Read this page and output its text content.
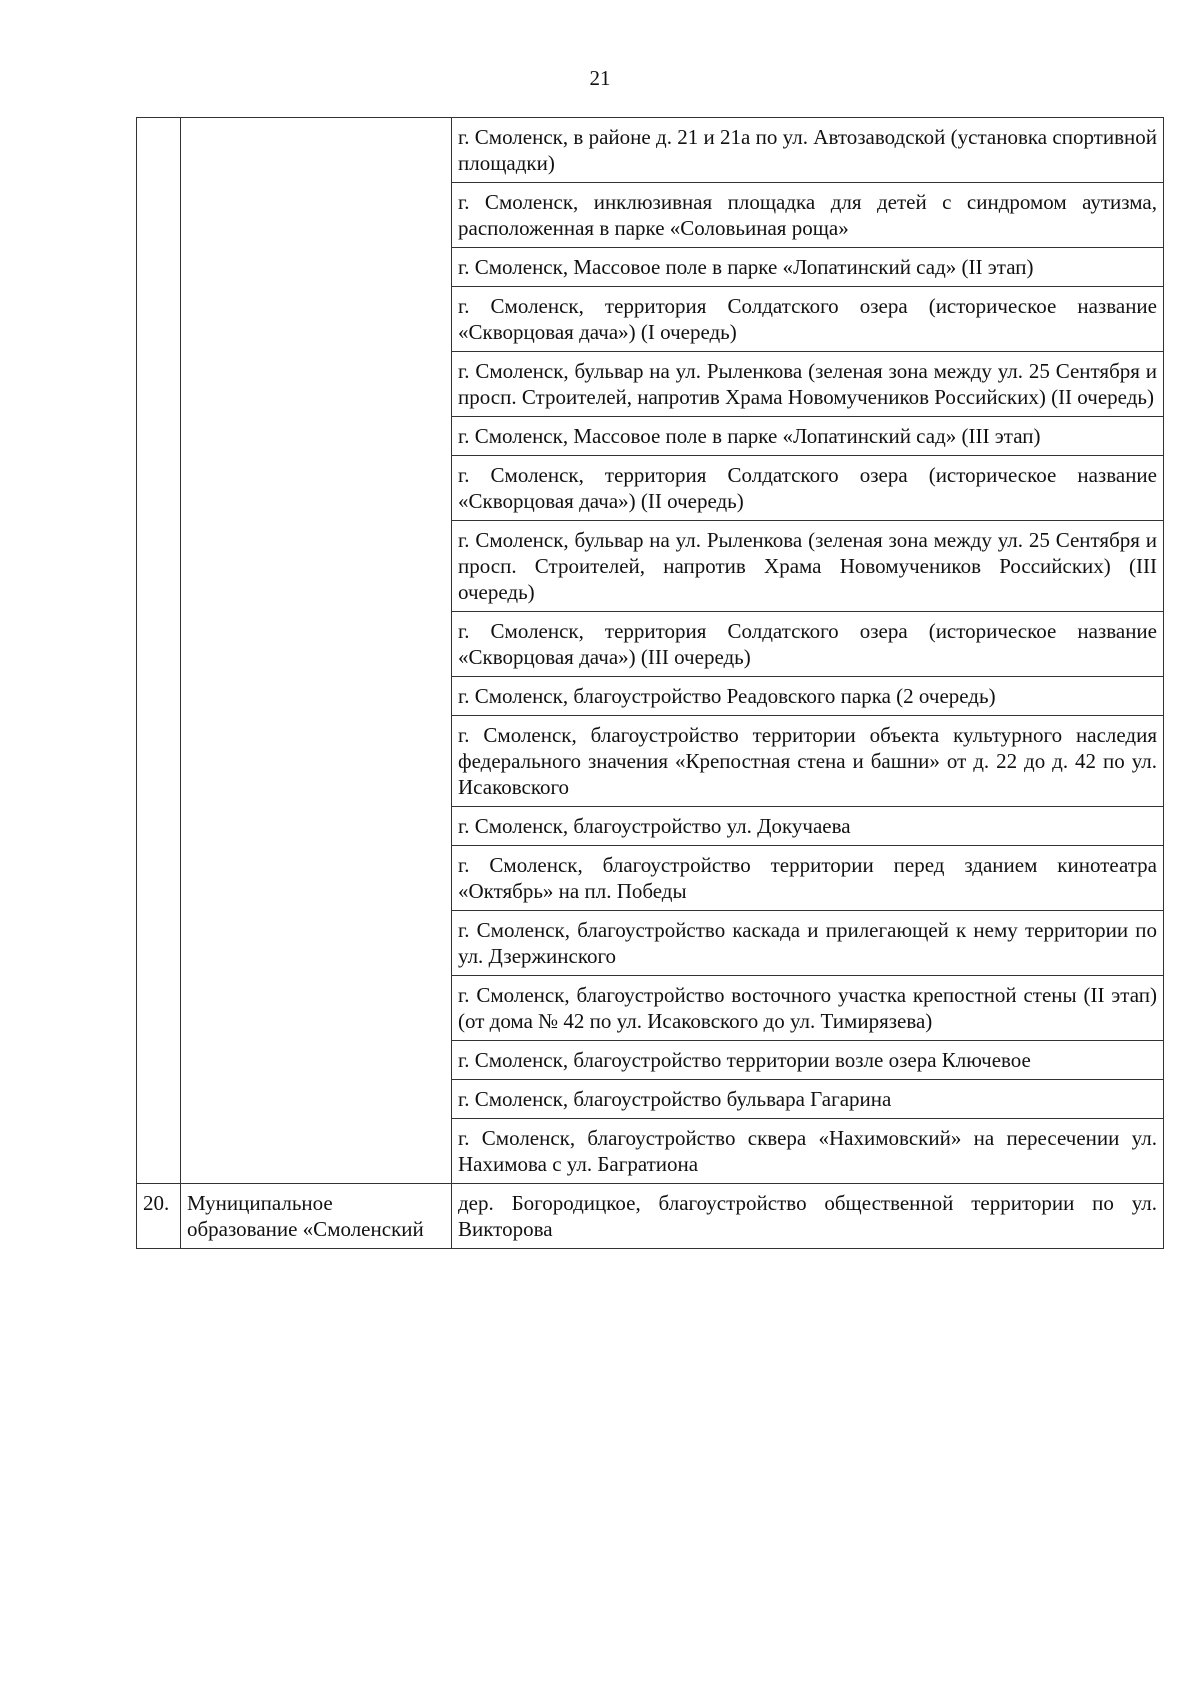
21
		г. Смоленск, в районе д. 21 и 21а по ул. Автозаводской (установка спортивной площадки)
		г. Смоленск, инклюзивная площадка для детей с синдромом аутизма, расположенная в парке «Соловьиная роща»
		г. Смоленск, Массовое поле в парке «Лопатинский сад» (II этап)
		г. Смоленск, территория Солдатского озера (историческое название «Скворцовая дача») (I очередь)
		г. Смоленск, бульвар на ул. Рыленкова (зеленая зона между ул. 25 Сентября и просп. Строителей, напротив Храма Новомучеников Российских) (II очередь)
		г. Смоленск, Массовое поле в парке «Лопатинский сад» (III этап)
		г. Смоленск, территория Солдатского озера (историческое название «Скворцовая дача») (II очередь)
		г. Смоленск, бульвар на ул. Рыленкова (зеленая зона между ул. 25 Сентября и просп. Строителей, напротив Храма Новомучеников Российских) (III очередь)
		г. Смоленск, территория Солдатского озера (историческое название «Скворцовая дача») (III очередь)
		г. Смоленск, благоустройство Реадовского парка (2 очередь)
		г. Смоленск, благоустройство территории объекта культурного наследия федерального значения «Крепостная стена и башни» от д. 22 до д. 42 по ул. Исаковского
		г. Смоленск, благоустройство ул. Докучаева
		г. Смоленск, благоустройство территории перед зданием кинотеатра «Октябрь» на пл. Победы
		г. Смоленск, благоустройство каскада и прилегающей к нему территории по ул. Дзержинского
		г. Смоленск, благоустройство восточного участка крепостной стены (II этап) (от дома № 42 по ул. Исаковского до ул. Тимирязева)
		г. Смоленск, благоустройство территории возле озера Ключевое
		г. Смоленск, благоустройство бульвара Гагарина
		г. Смоленск, благоустройство сквера «Нахимовский» на пересечении ул. Нахимова с ул. Багратиона
20.	Муниципальное образование «Смоленский	дер. Богородицкое, благоустройство общественной территории по ул. Викторова
